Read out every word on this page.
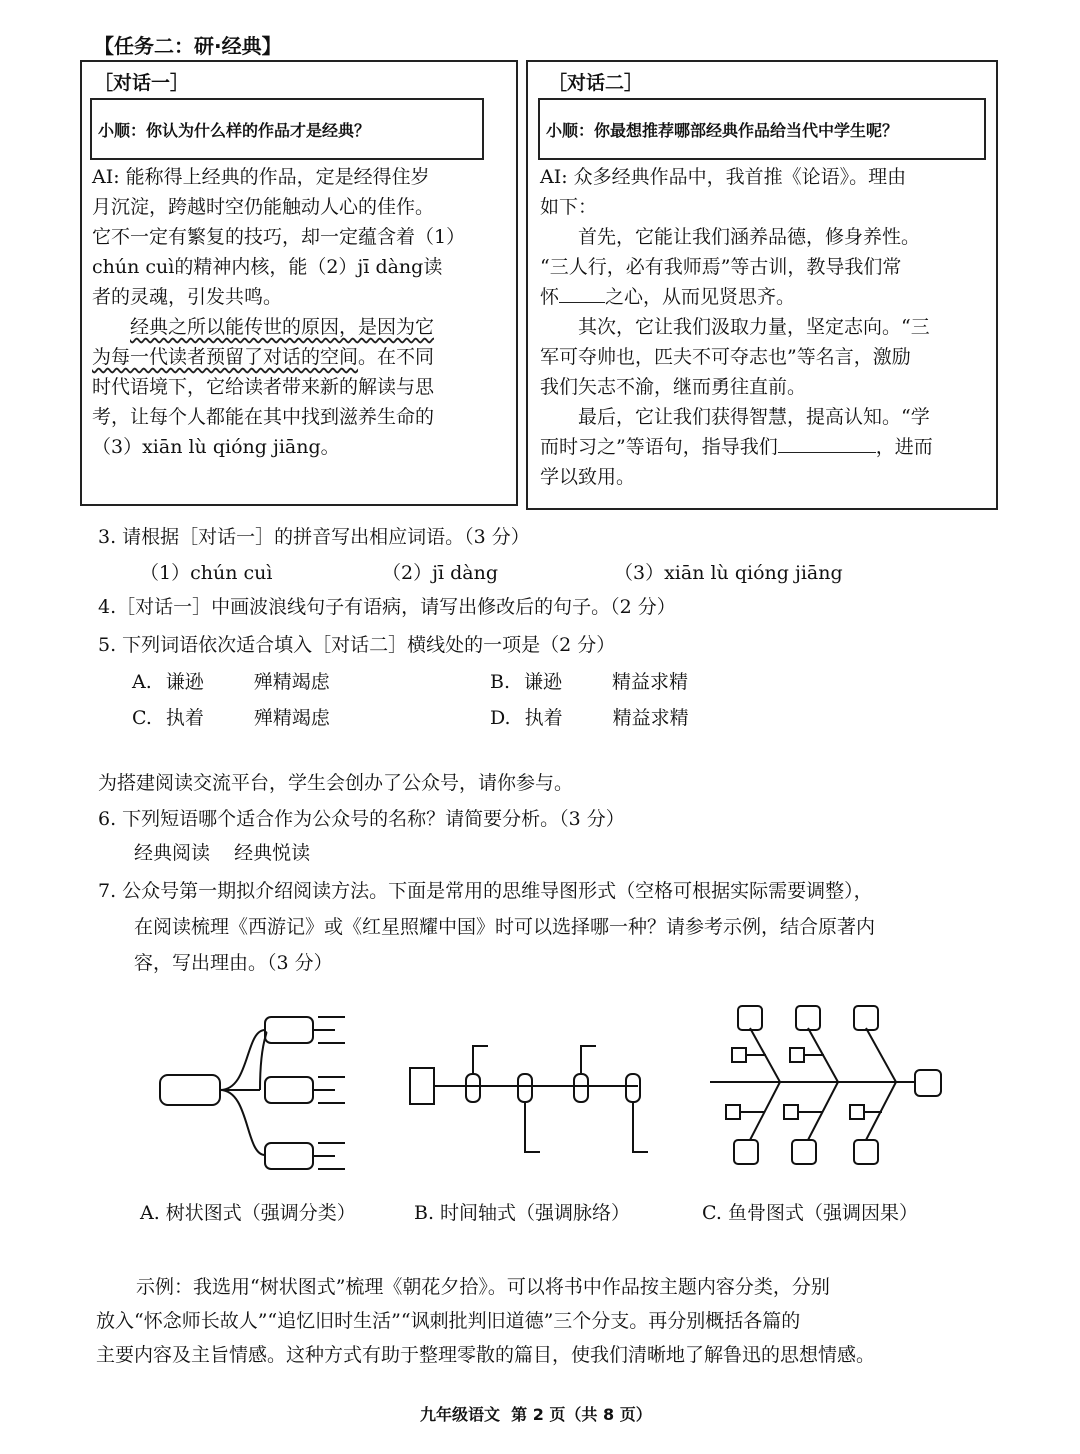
【任务二：研·经典】
［对话一］
小顺：你认为什么样的作品才是经典？
AI: 能称得上经典的作品，定是经得住岁
月沉淀，跨越时空仍能触动人心的佳作。
它不一定有繁复的技巧，却一定蕴含着（1）
chún cuì的精神内核，能（2）jī dàng读
者的灵魂，引发共鸣。
经典之所以能传世的原因，是因为它
为每一代读者预留了对话的空间。在不同
时代语境下，它给读者带来新的解读与思
考，让每个人都能在其中找到滋养生命的
（3）xiān lù qióng jiāng。
［对话二］
小顺：你最想推荐哪部经典作品给当代中学生呢？
AI: 众多经典作品中，我首推《论语》。理由
如下：
首先，它能让我们涵养品德，修身养性。
“三人行，必有我师焉”等古训，教导我们常
怀 之心，从而见贤思齐。
其次，它让我们汲取力量，坚定志向。“三
军可夺帅也，匹夫不可夺志也”等名言，激励
我们矢志不渝，继而勇往直前。
最后，它让我们获得智慧，提高认知。“学
而时习之”等语句，指导我们	，进而
学以致用。
3. 请根据［对话一］的拼音写出相应词语。（3 分）
（1）chún cuì	（2）jī dàng	（3）xiān lù qióng jiāng
4.［对话一］中画波浪线句子有语病，请写出修改后的句子。（2 分）
5. 下列词语依次适合填入［对话二］横线处的一项是（2 分）
A. 谦逊	殚精竭虑	B. 谦逊	精益求精
C. 执着	殚精竭虑	D. 执着	精益求精
为搭建阅读交流平台，学生会创办了公众号，请你参与。
6. 下列短语哪个适合作为公众号的名称？请简要分析。（3 分）
经典阅读    经典悦读
7. 公众号第一期拟介绍阅读方法。下面是常用的思维导图形式（空格可根据实际需要调整），
在阅读梳理《西游记》或《红星照耀中国》时可以选择哪一种？请参考示例，结合原著内
容，写出理由。（3 分）
A. 树状图式（强调分类）	B. 时间轴式（强调脉络）	C. 鱼骨图式（强调因果）
示例：我选用“树状图式”梳理《朝花夕拾》。可以将书中作品按主题内容分类，分别
放入“怀念师长故人”“追忆旧时生活”“讽刺批判旧道德”三个分支。再分别概括各篇的
主要内容及主旨情感。这种方式有助于整理零散的篇目，使我们清晰地了解鲁迅的思想情感。
九年级语文  第 2 页（共 8 页）
